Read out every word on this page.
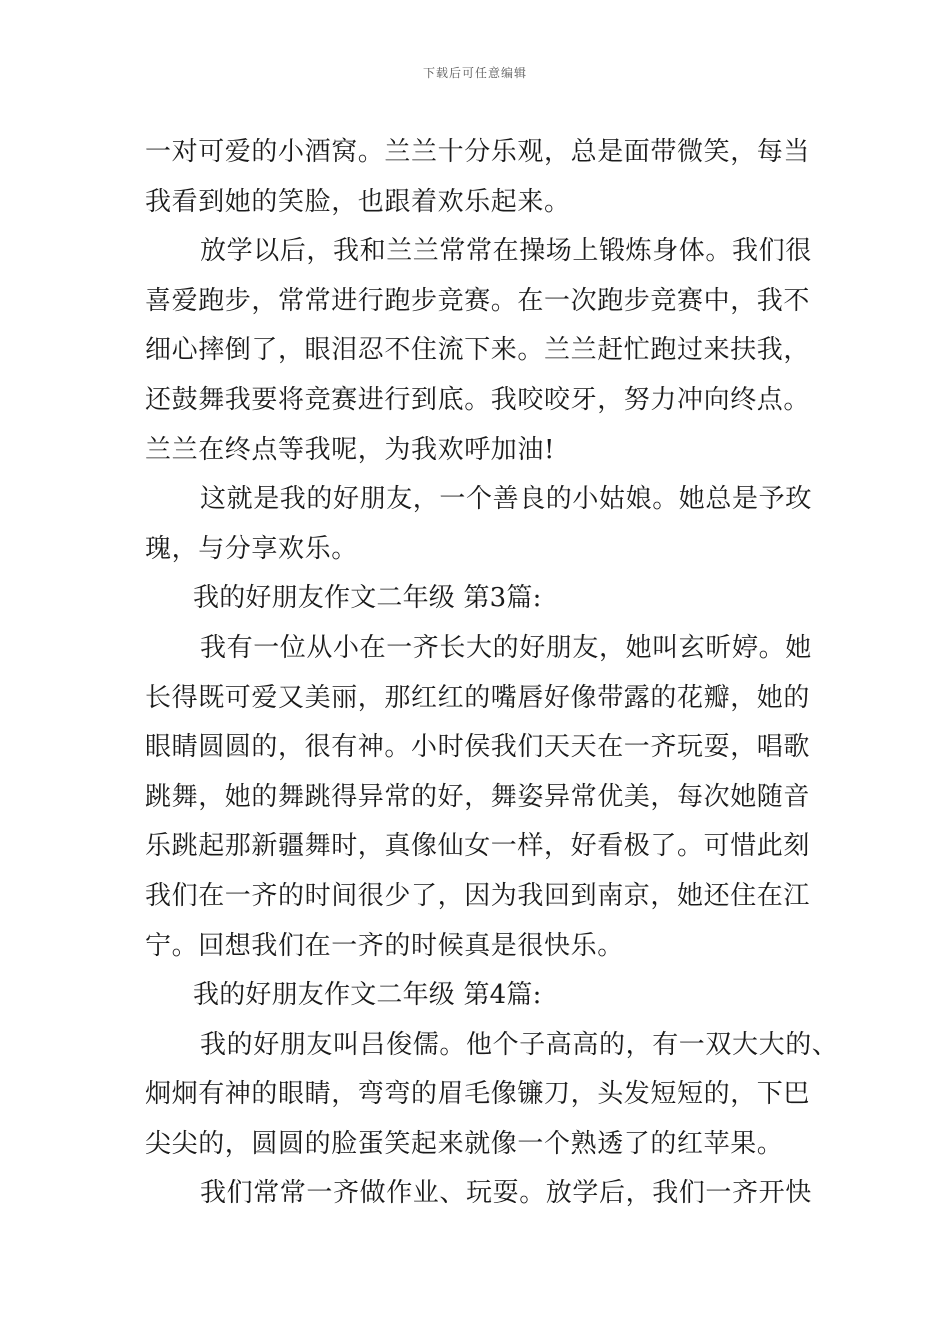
下载后可任意编辑
一对可爱的小酒窝。兰兰十分乐观，总是面带微笑，每当
我看到她的笑脸，也跟着欢乐起来。
放学以后，我和兰兰常常在操场上锻炼身体。我们很
喜爱跑步，常常进行跑步竞赛。在一次跑步竞赛中，我不
细心摔倒了，眼泪忍不住流下来。兰兰赶忙跑过来扶我，
还鼓舞我要将竞赛进行到底。我咬咬牙，努力冲向终点。
兰兰在终点等我呢，为我欢呼加油!
这就是我的好朋友，一个善良的小姑娘。她总是予玫
瑰，与分享欢乐。
我的好朋友作文二年级 第3篇:
我有一位从小在一齐长大的好朋友，她叫玄昕婷。她
长得既可爱又美丽，那红红的嘴唇好像带露的花瓣，她的
眼睛圆圆的，很有神。小时侯我们天天在一齐玩耍，唱歌
跳舞，她的舞跳得异常的好，舞姿异常优美，每次她随音
乐跳起那新疆舞时，真像仙女一样，好看极了。可惜此刻
我们在一齐的时间很少了，因为我回到南京，她还住在江
宁。回想我们在一齐的时候真是很快乐。
我的好朋友作文二年级 第4篇:
我的好朋友叫吕俊儒。他个子高高的，有一双大大的、
炯炯有神的眼睛，弯弯的眉毛像镰刀，头发短短的，下巴
尖尖的，圆圆的脸蛋笑起来就像一个熟透了的红苹果。
我们常常一齐做作业、玩耍。放学后，我们一齐开快
